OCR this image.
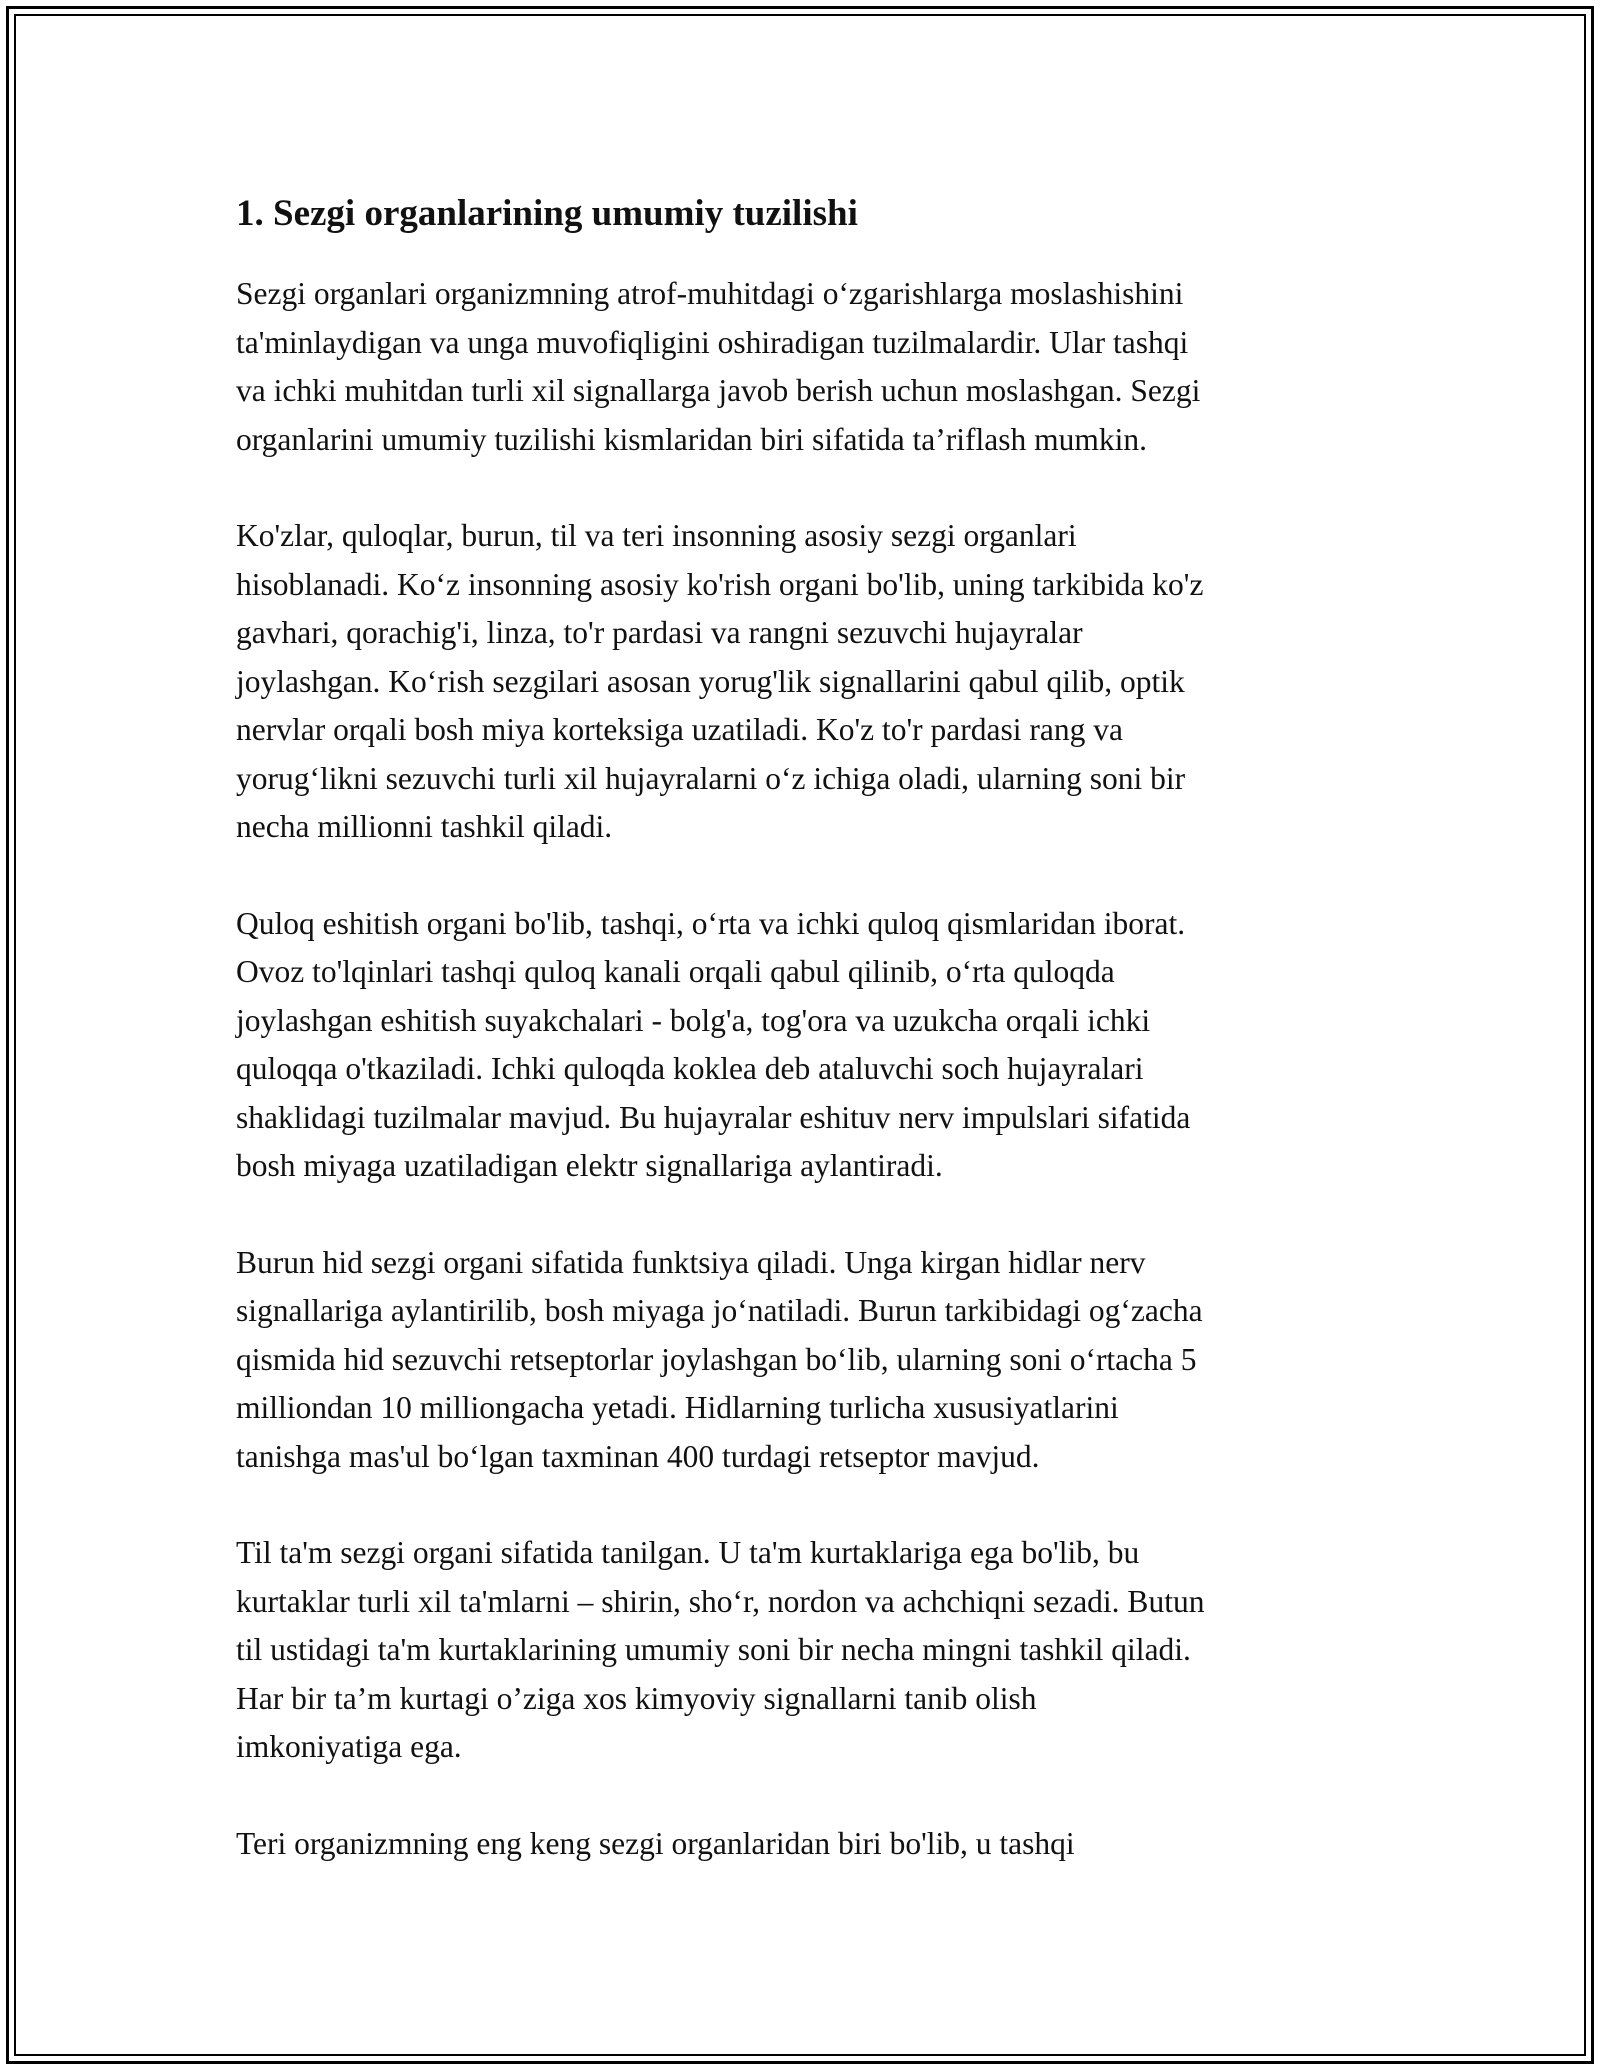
1. Sezgi organlarining umumiy tuzilishi

Sezgi organlari organizmning atrof-muhitdagi o‘zgarishlarga moslashishini
ta'minlaydigan va unga muvofiqligini oshiradigan tuzilmalardir. Ular tashqi
va ichki muhitdan turli xil signallarga javob berish uchun moslashgan. Sezgi
organlarini umumiy tuzilishi kismlaridan biri sifatida ta’riflash mumkin.

Ko'zlar, quloqlar, burun, til va teri insonning asosiy sezgi organlari
hisoblanadi. Ko‘z insonning asosiy ko'rish organi bo'lib, uning tarkibida ko'z
gavhari, qorachig'i, linza, to'r pardasi va rangni sezuvchi hujayralar
joylashgan. Ko‘rish sezgilari asosan yorug'lik signallarini qabul qilib, optik
nervlar orqali bosh miya korteksiga uzatiladi. Ko'z to'r pardasi rang va
yorug‘likni sezuvchi turli xil hujayralarni o‘z ichiga oladi, ularning soni bir
necha millionni tashkil qiladi.

Quloq eshitish organi bo'lib, tashqi, o‘rta va ichki quloq qismlaridan iborat.
Ovoz to'lqinlari tashqi quloq kanali orqali qabul qilinib, o‘rta quloqda
joylashgan eshitish suyakchalari - bolg'a, tog'ora va uzukcha orqali ichki
quloqqa o'tkaziladi. Ichki quloqda koklea deb ataluvchi soch hujayralari
shaklidagi tuzilmalar mavjud. Bu hujayralar eshituv nerv impulslari sifatida
bosh miyaga uzatiladigan elektr signallariga aylantiradi.

Burun hid sezgi organi sifatida funktsiya qiladi. Unga kirgan hidlar nerv
signallariga aylantirilib, bosh miyaga jo‘natiladi. Burun tarkibidagi og‘zacha
qismida hid sezuvchi retseptorlar joylashgan bo‘lib, ularning soni o‘rtacha 5
milliondan 10 milliongacha yetadi. Hidlarning turlicha xususiyatlarini
tanishga mas'ul bo‘lgan taxminan 400 turdagi retseptor mavjud.

Til ta'm sezgi organi sifatida tanilgan. U ta'm kurtaklariga ega bo'lib, bu
kurtaklar turli xil ta'mlarni – shirin, sho‘r, nordon va achchiqni sezadi. Butun
til ustidagi ta'm kurtaklarining umumiy soni bir necha mingni tashkil qiladi.
Har bir ta’m kurtagi o’ziga xos kimyoviy signallarni tanib olish
imkoniyatiga ega.

Teri organizmning eng keng sezgi organlaridan biri bo'lib, u tashqi
